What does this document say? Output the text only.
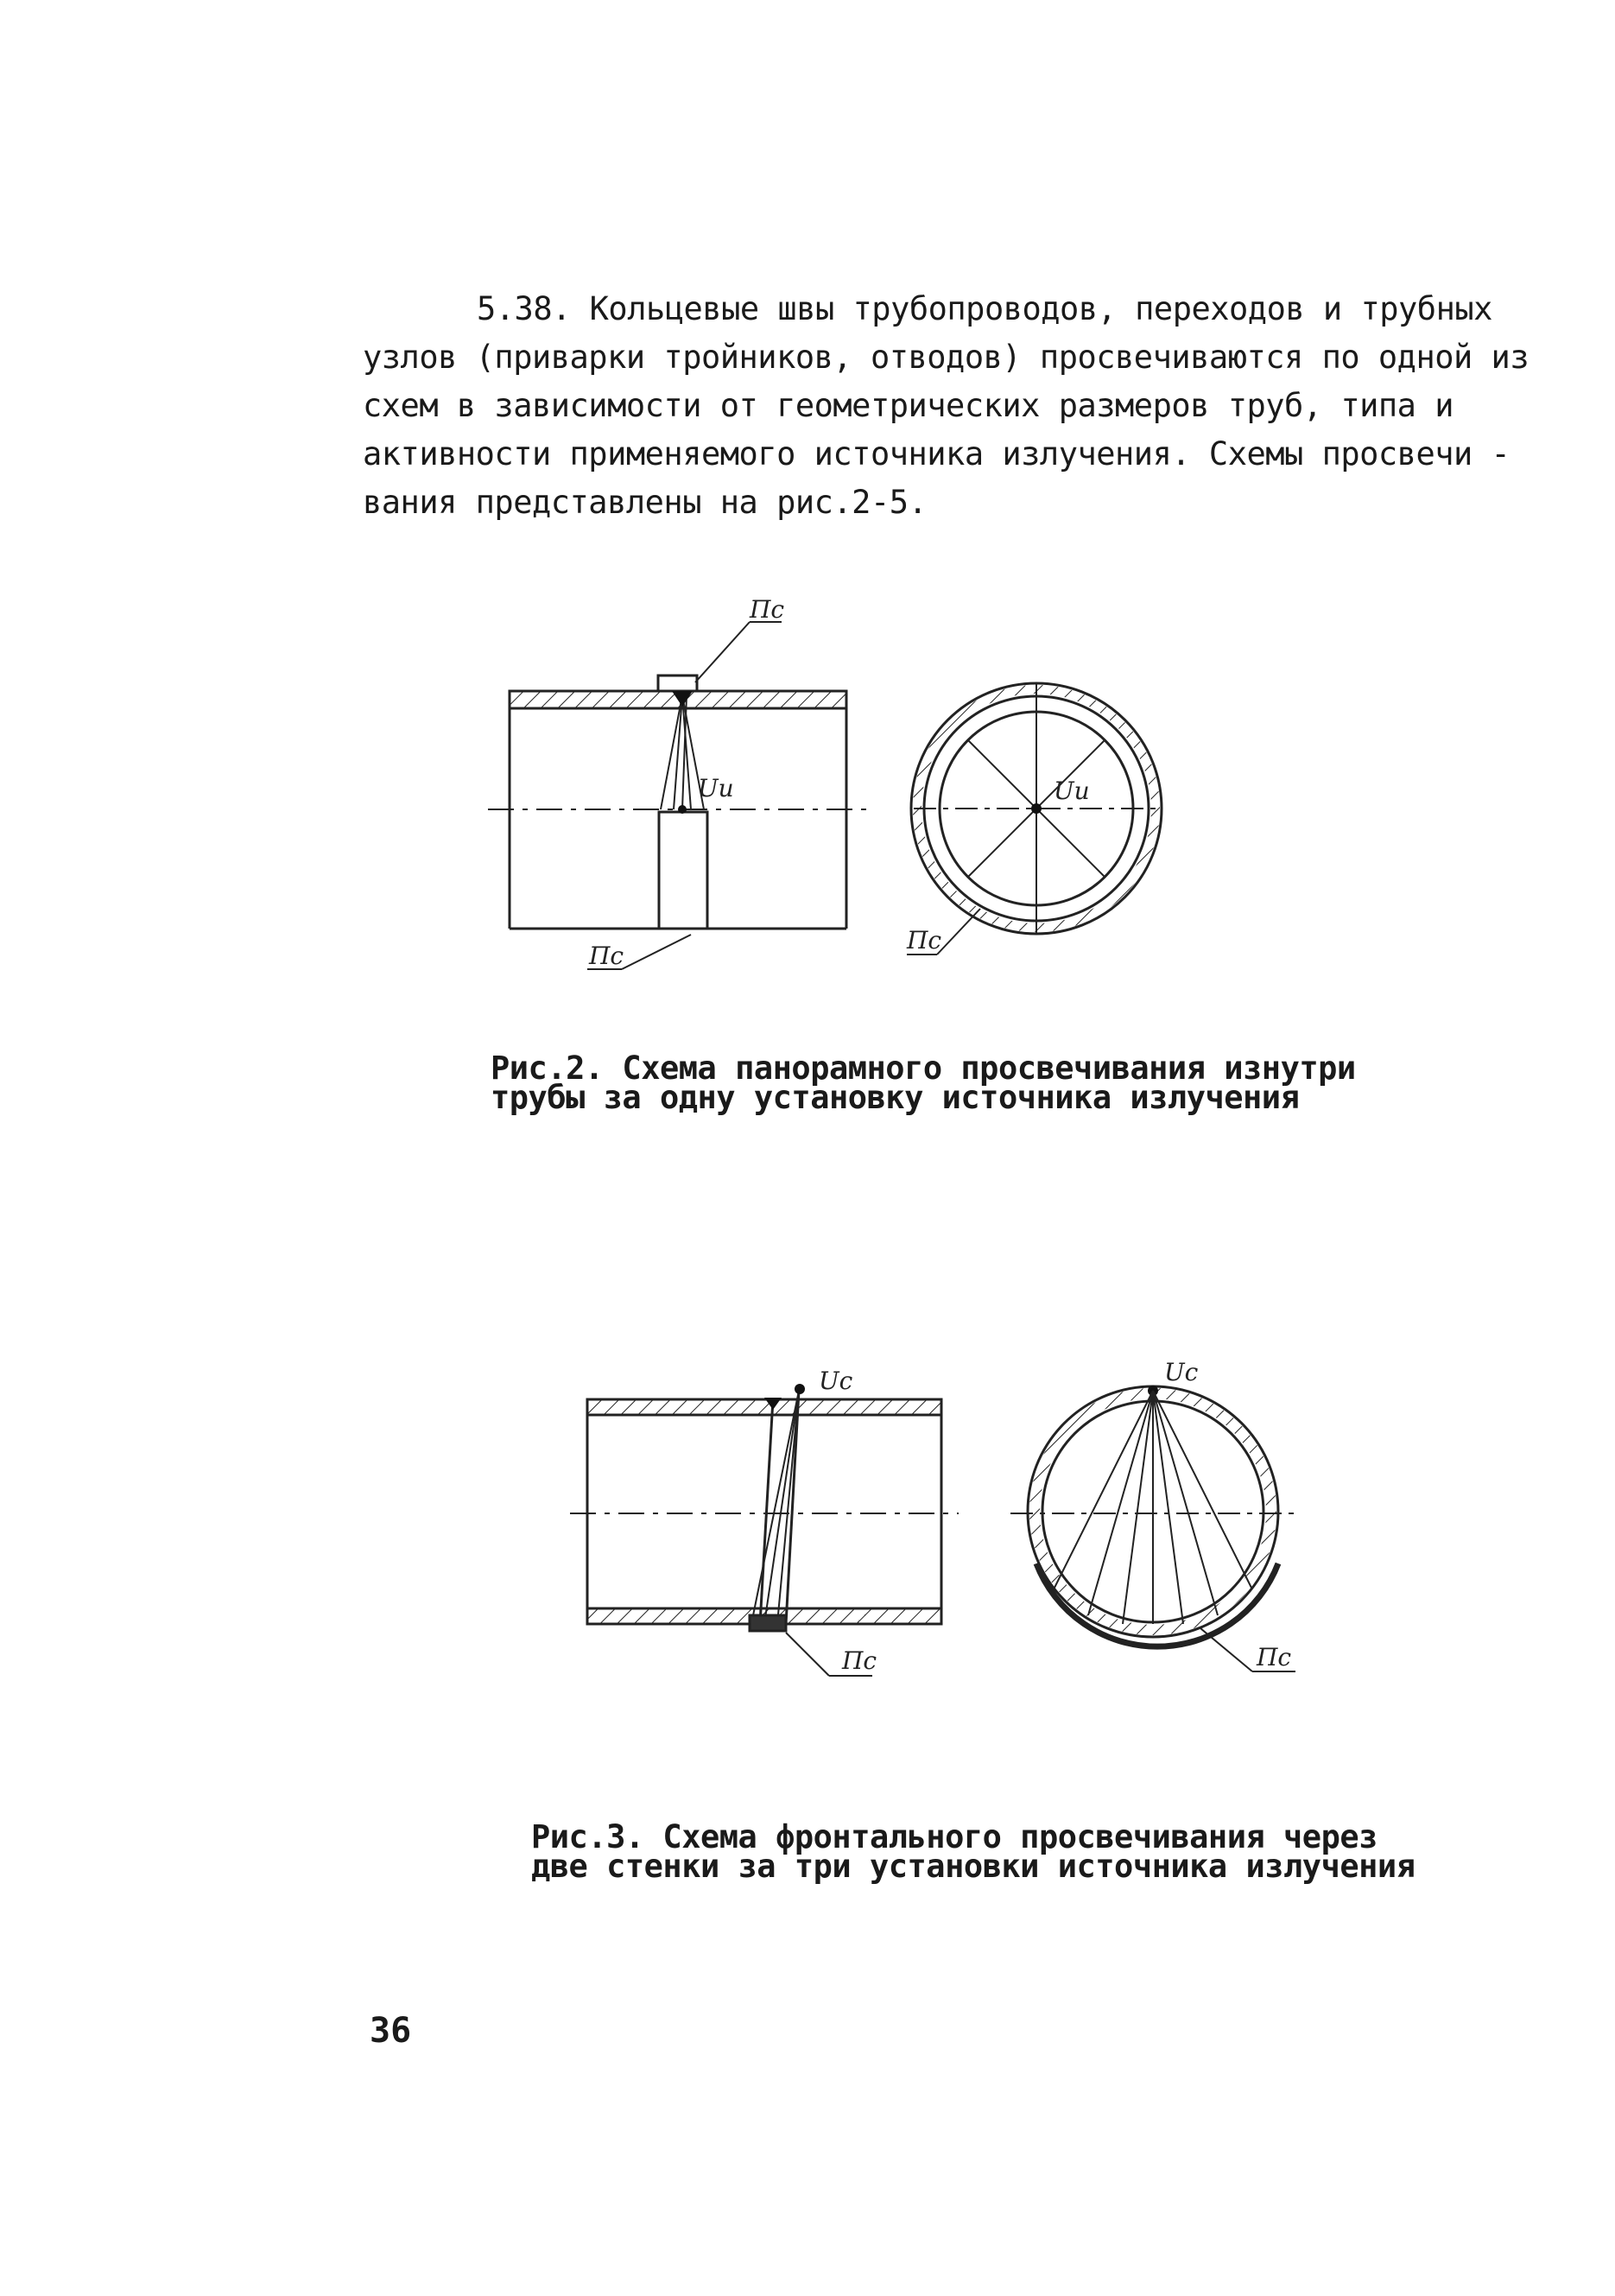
5.38. Кольцевые швы трубопроводов, переходов и трубных
узлов (приварки тройников, отводов) просвечиваются по одной из
схем в зависимости от геометрических размеров труб, типа и
активности применяемого источника излучения. Схемы просвечи -
вания представлены на рис.2-5.
Пс
Uu
Пс
Uu
Пс
Рис.2. Схема панорамного просвечивания изнутри
трубы за одну установку источника излучения
Uc
Пс
Uc
Пс
Рис.3. Схема фронтального просвечивания через
две стенки за три установки источника излучения
36
